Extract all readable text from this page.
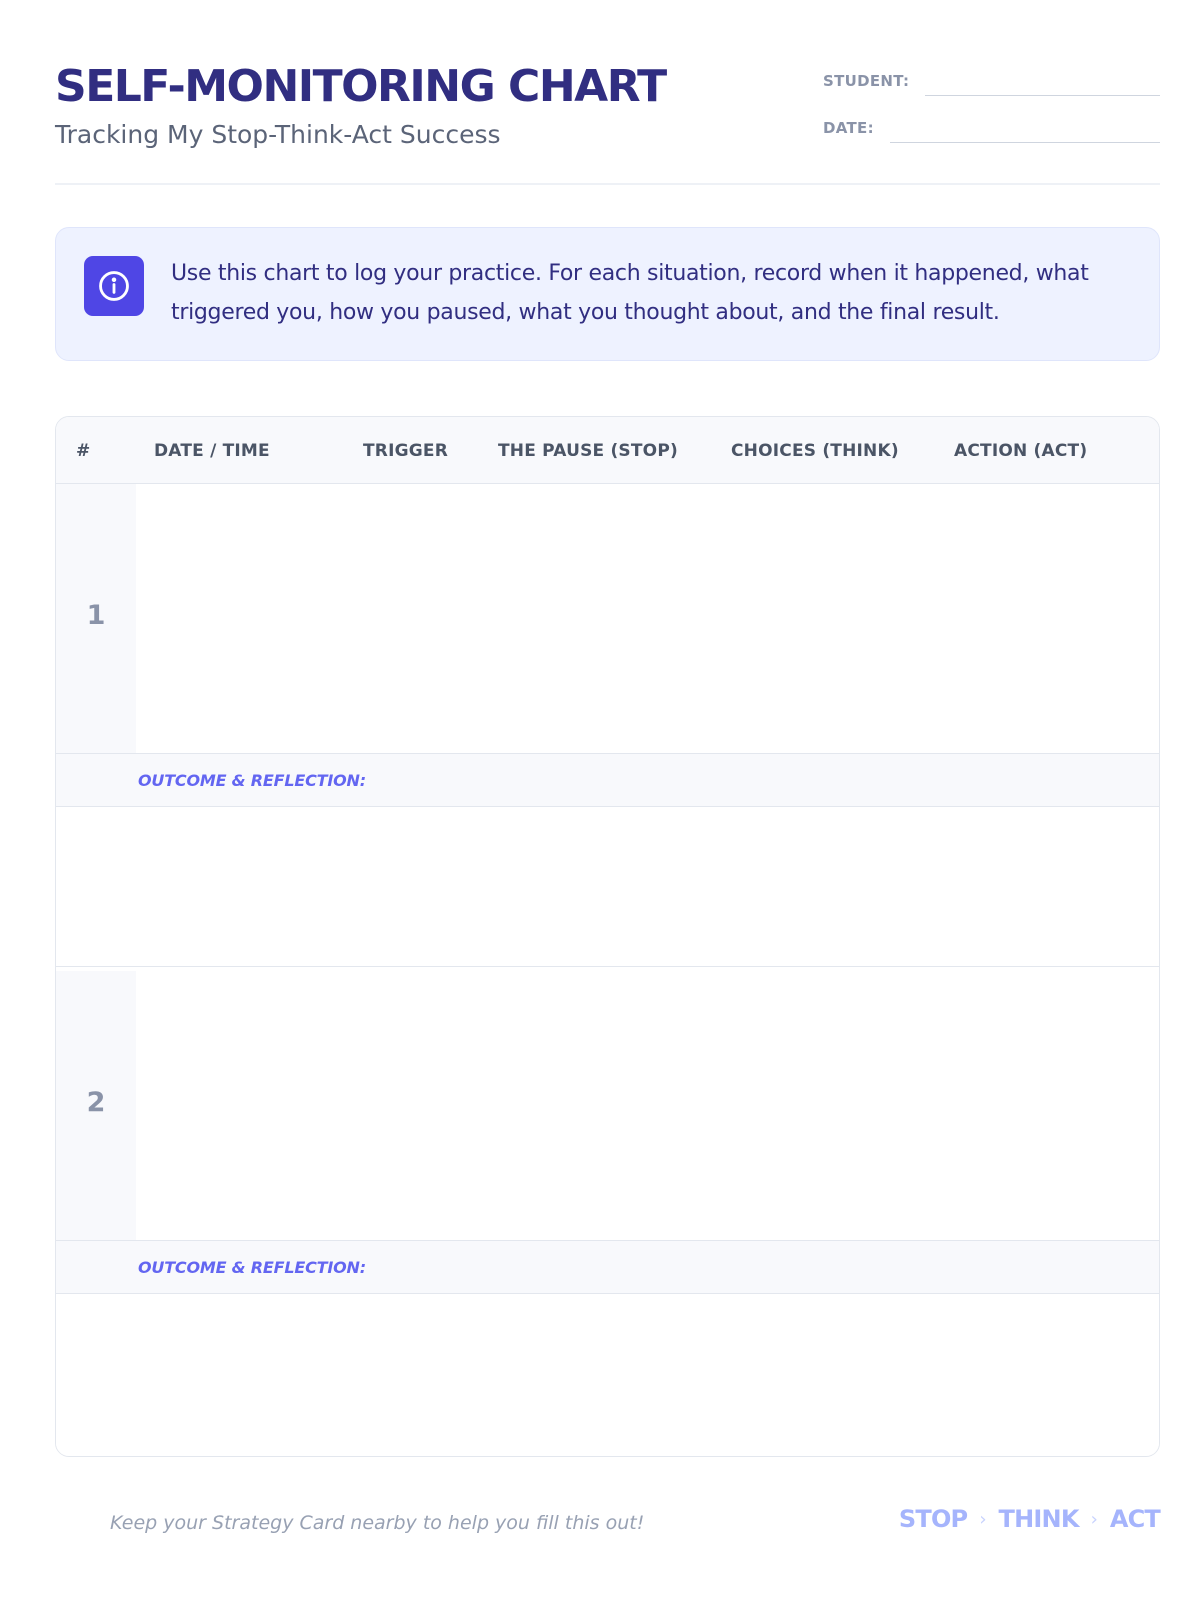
SELF-MONITORING CHART
Tracking My Stop-Think-Act Success
STUDENT:
DATE:
Use this chart to log your practice. For each situation, record when it happened, what triggered you, how you paused, what you thought about, and the final result.
#	DATE / TIME	TRIGGER	THE PAUSE (STOP)	CHOICES (THINK)	ACTION (ACT)
1
OUTCOME & REFLECTION:
2
OUTCOME & REFLECTION:
Keep your Strategy Card nearby to help you fill this out!	STOP › THINK › ACT
